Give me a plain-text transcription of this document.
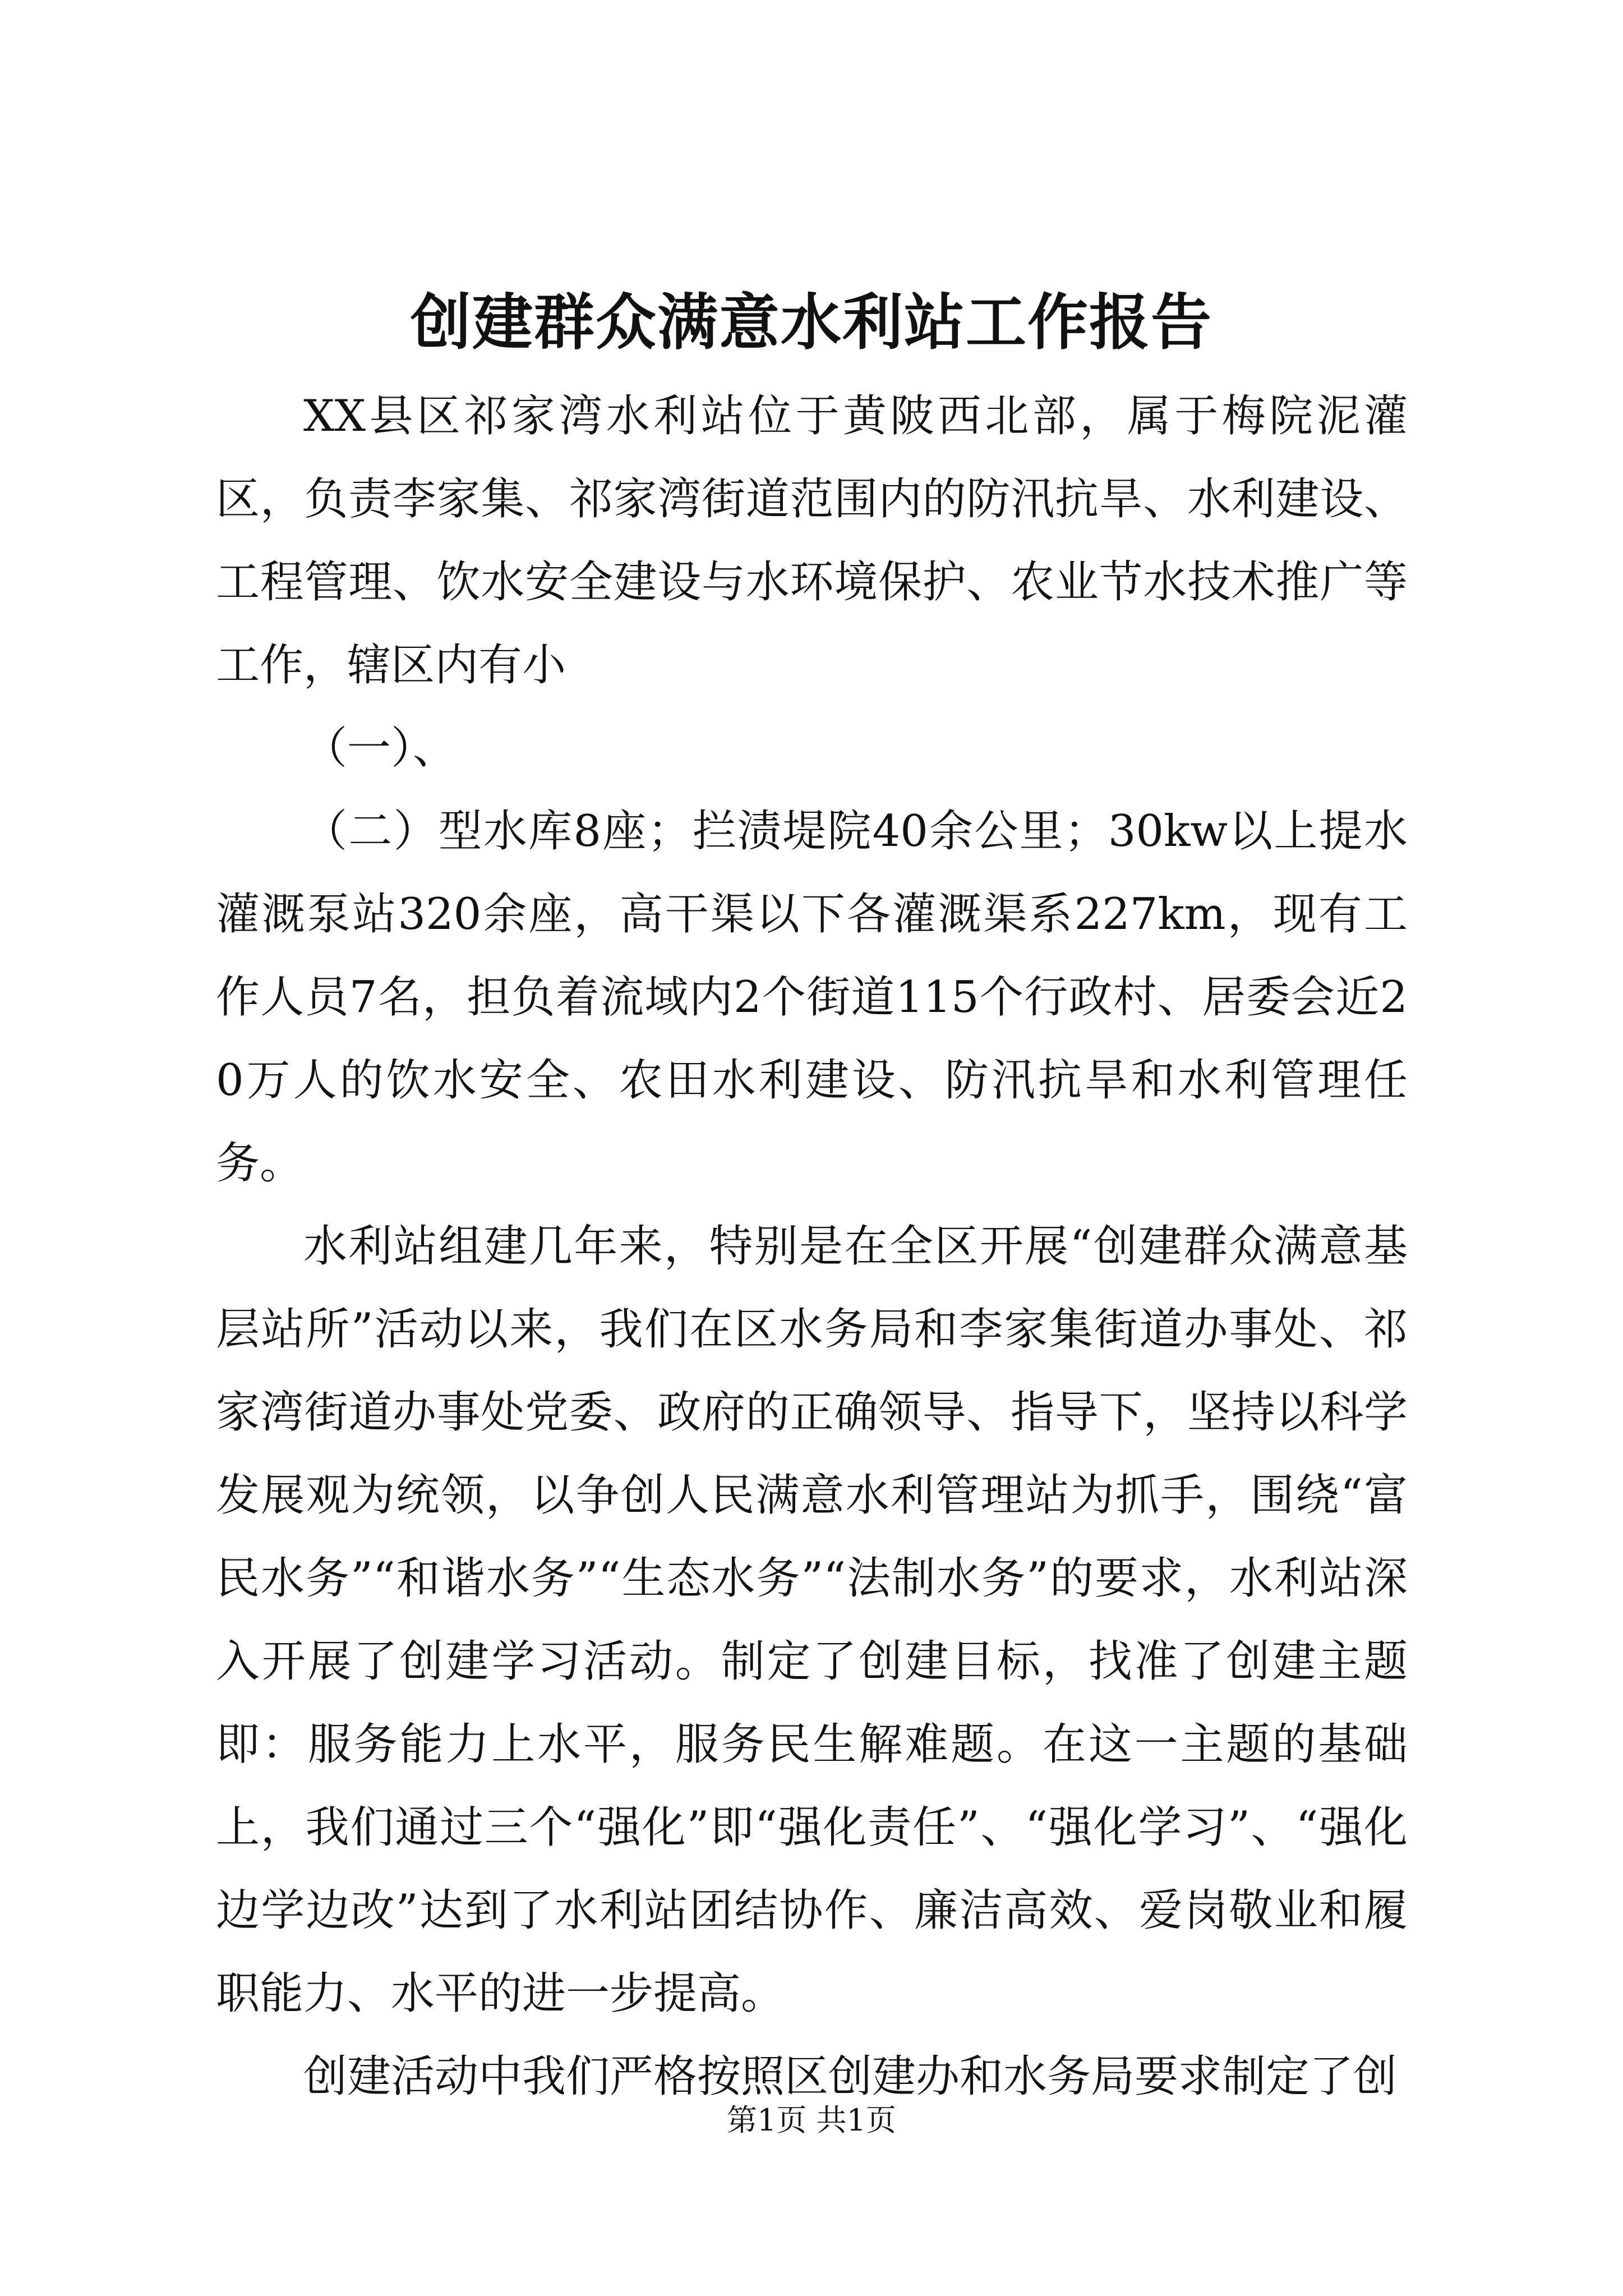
创建群众满意水利站工作报告

XX县区祁家湾水利站位于黄陂西北部，属于梅院泥灌区，负责李家集、祁家湾街道范围内的防汛抗旱、水利建设、工程管理、饮水安全建设与水环境保护、农业节水技术推广等工作，辖区内有小

（一）、

（二）型水库8座；拦渍堤院40余公里；30kw以上提水灌溉泵站320余座，高干渠以下各灌溉渠系227km，现有工作人员7名，担负着流域内2个街道115个行政村、居委会近20万人的饮水安全、农田水利建设、防汛抗旱和水利管理任务。

水利站组建几年来，特别是在全区开展“创建群众满意基层站所”活动以来，我们在区水务局和李家集街道办事处、祁家湾街道办事处党委、政府的正确领导、指导下，坚持以科学发展观为统领，以争创人民满意水利管理站为抓手，围绕“富民水务”“和谐水务”“生态水务”“法制水务”的要求，水利站深入开展了创建学习活动。制定了创建目标，找准了创建主题即：服务能力上水平，服务民生解难题。在这一主题的基础上，我们通过三个“强化”即“强化责任”、“强化学习”、“强化边学边改”达到了水利站团结协作、廉洁高效、爱岗敬业和履职能力、水平的进一步提高。

创建活动中我们严格按照区创建办和水务局要求制定了创

第1页 共1页
